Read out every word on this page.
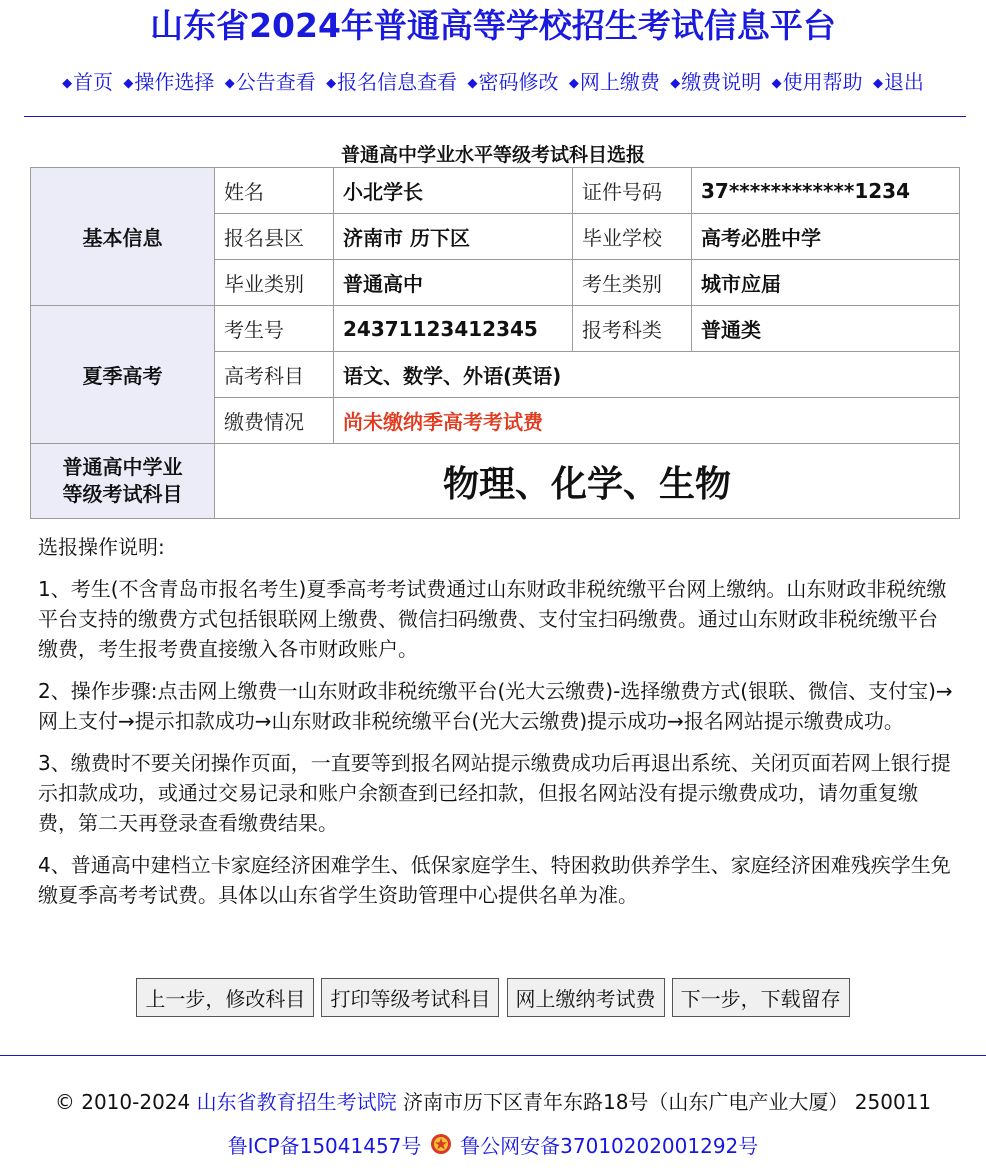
山东省2024年普通高等学校招生考试信息平台
◆首页 ◆操作选择 ◆公告查看 ◆报名信息查看 ◆密码修改 ◆网上缴费 ◆缴费说明 ◆使用帮助 ◆退出
普通高中学业水平等级考试科目选报
基本信息	姓名	小北学长	证件号码	37************1234
	报名县区	济南市 历下区	毕业学校	高考必胜中学
	毕业类别	普通高中	考生类别	城市应届
夏季高考	考生号	24371123412345	报考科类	普通类
	高考科目	语文、数学、外语(英语)		
	缴费情况	尚未缴纳季高考考试费		
普通高中学业
等级考试科目	物理、化学、生物			

选报操作说明:

1、考生(不含青岛市报名考生)夏季高考考试费通过山东财政非税统缴平台网上缴纳。山东财政非税统缴平台支持的缴费方式包括银联网上缴费、微信扫码缴费、支付宝扫码缴费。通过山东财政非税统缴平台缴费，考生报考费直接缴入各市财政账户。

2、操作步骤:点击网上缴费一山东财政非税统缴平台(光大云缴费)-选择缴费方式(银联、微信、支付宝)→网上支付→提示扣款成功→山东财政非税统缴平台(光大云缴费)提示成功→报名网站提示缴费成功。

3、缴费时不要关闭操作页面，一直要等到报名网站提示缴费成功后再退出系统、关闭页面若网上银行提示扣款成功，或通过交易记录和账户余额查到已经扣款，但报名网站没有提示缴费成功，请勿重复缴费，第二天再登录查看缴费结果。

4、普通高中建档立卡家庭经济困难学生、低保家庭学生、特困救助供养学生、家庭经济困难残疾学生免缴夏季高考考试费。具体以山东省学生资助管理中心提供名单为准。

上一步，修改科目 打印等级考试科目 网上缴纳考试费 下一步，下载留存
© 2010-2024 山东省教育招生考试院 济南市历下区青年东路18号（山东广电产业大厦） 250011
鲁ICP备15041457号 鲁公网安备37010202001292号
